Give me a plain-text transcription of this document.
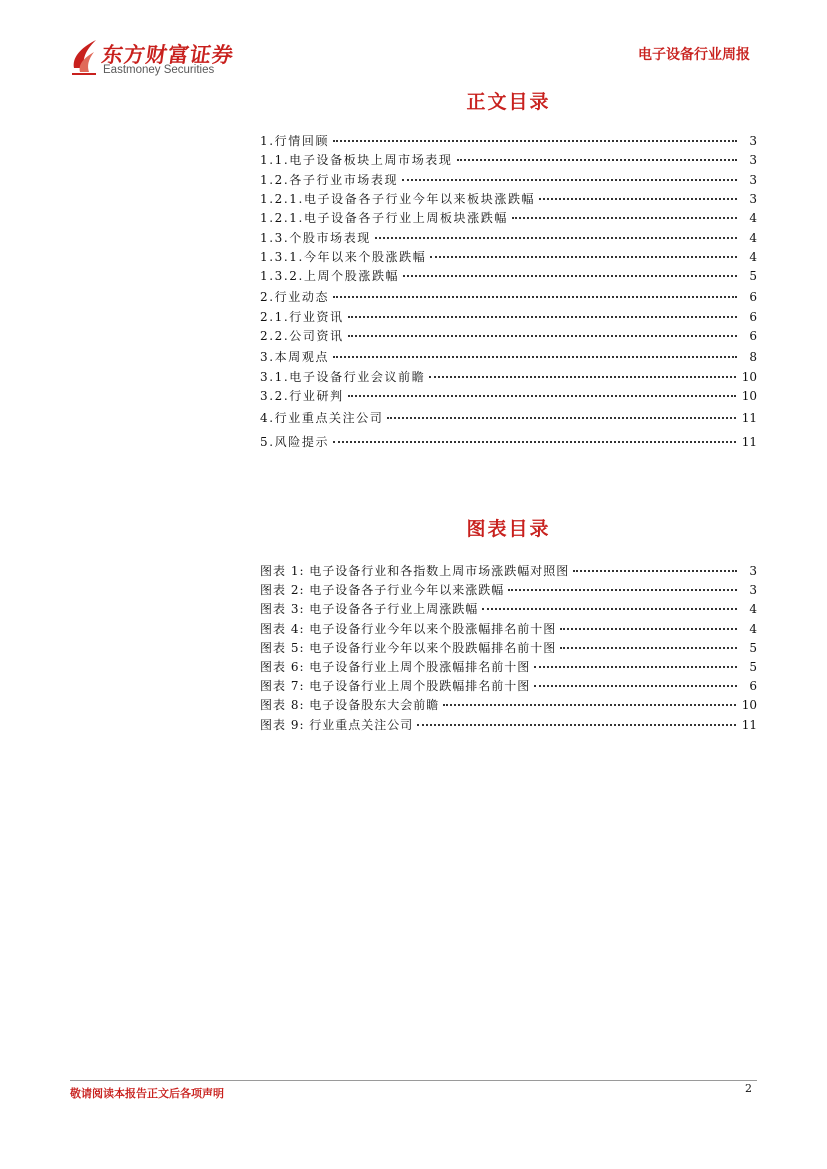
东方财富证券
Eastmoney Securities
电子设备行业周报
正文目录
1.行情回顾	3
1.1.电子设备板块上周市场表现	3
1.2.各子行业市场表现	3
1.2.1.电子设备各子行业今年以来板块涨跌幅	3
1.2.1.电子设备各子行业上周板块涨跌幅	4
1.3.个股市场表现	4
1.3.1.今年以来个股涨跌幅	4
1.3.2.上周个股涨跌幅	5
2.行业动态	6
2.1.行业资讯	6
2.2.公司资讯	6
3.本周观点	8
3.1.电子设备行业会议前瞻	10
3.2.行业研判	10
4.行业重点关注公司	11
5.风险提示	11
图表目录
图表 1: 电子设备行业和各指数上周市场涨跌幅对照图	3
图表 2: 电子设备各子行业今年以来涨跌幅	3
图表 3: 电子设备各子行业上周涨跌幅	4
图表 4: 电子设备行业今年以来个股涨幅排名前十图	4
图表 5: 电子设备行业今年以来个股跌幅排名前十图	5
图表 6: 电子设备行业上周个股涨幅排名前十图	5
图表 7: 电子设备行业上周个股跌幅排名前十图	6
图表 8: 电子设备股东大会前瞻	10
图表 9: 行业重点关注公司	11
敬请阅读本报告正文后各项声明	2
